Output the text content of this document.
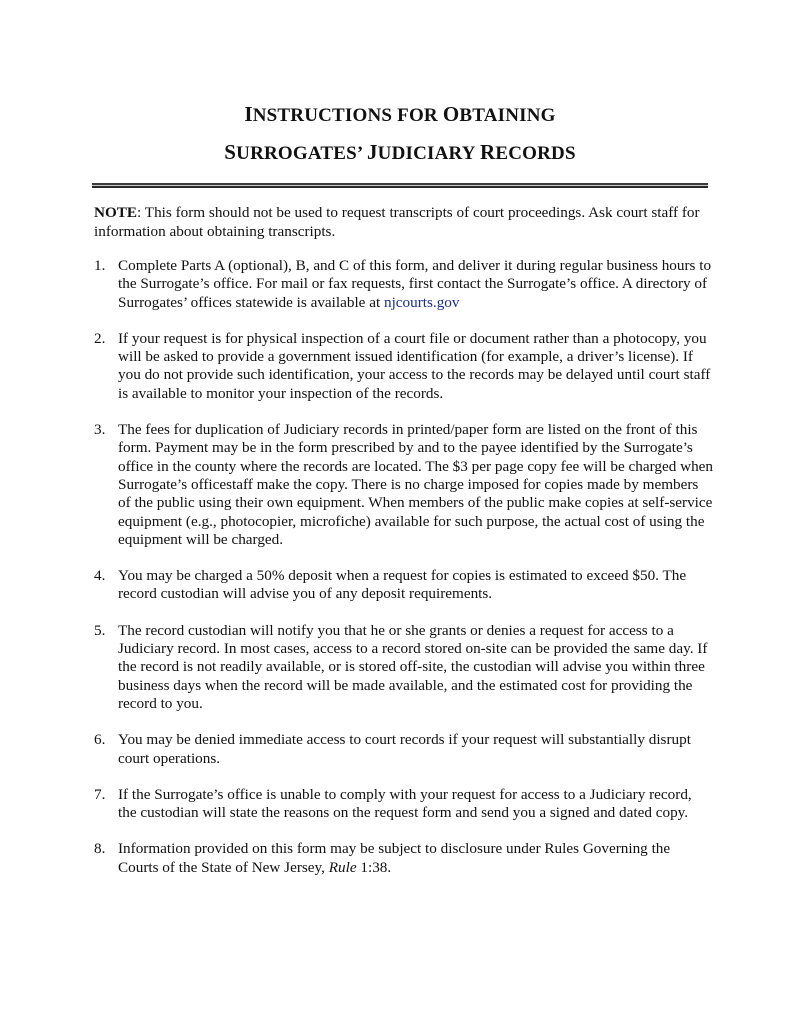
INSTRUCTIONS FOR OBTAINING
SURROGATES’ JUDICIARY RECORDS
NOTE: This form should not be used to request transcripts of court proceedings. Ask court staff for information about obtaining transcripts.
1. Complete Parts A (optional), B, and C of this form, and deliver it during regular business hours to the Surrogate’s office. For mail or fax requests, first contact the Surrogate’s office. A directory of Surrogates’ offices statewide is available at njcourts.gov
2. If your request is for physical inspection of a court file or document rather than a photocopy, you will be asked to provide a government issued identification (for example, a driver’s license). If you do not provide such identification, your access to the records may be delayed until court staff is available to monitor your inspection of the records.
3. The fees for duplication of Judiciary records in printed/paper form are listed on the front of this form. Payment may be in the form prescribed by and to the payee identified by the Surrogate’s office in the county where the records are located. The $3 per page copy fee will be charged when Surrogate’s officestaff make the copy. There is no charge imposed for copies made by members of the public using their own equipment. When members of the public make copies at self-service equipment (e.g., photocopier, microfiche) available for such purpose, the actual cost of using the equipment will be charged.
4. You may be charged a 50% deposit when a request for copies is estimated to exceed $50. The record custodian will advise you of any deposit requirements.
5. The record custodian will notify you that he or she grants or denies a request for access to a Judiciary record. In most cases, access to a record stored on-site can be provided the same day. If the record is not readily available, or is stored off-site, the custodian will advise you within three business days when the record will be made available, and the estimated cost for providing the record to you.
6. You may be denied immediate access to court records if your request will substantially disrupt court operations.
7. If the Surrogate’s office is unable to comply with your request for access to a Judiciary record, the custodian will state the reasons on the request form and send you a signed and dated copy.
8. Information provided on this form may be subject to disclosure under Rules Governing the Courts of the State of New Jersey, Rule 1:38.
